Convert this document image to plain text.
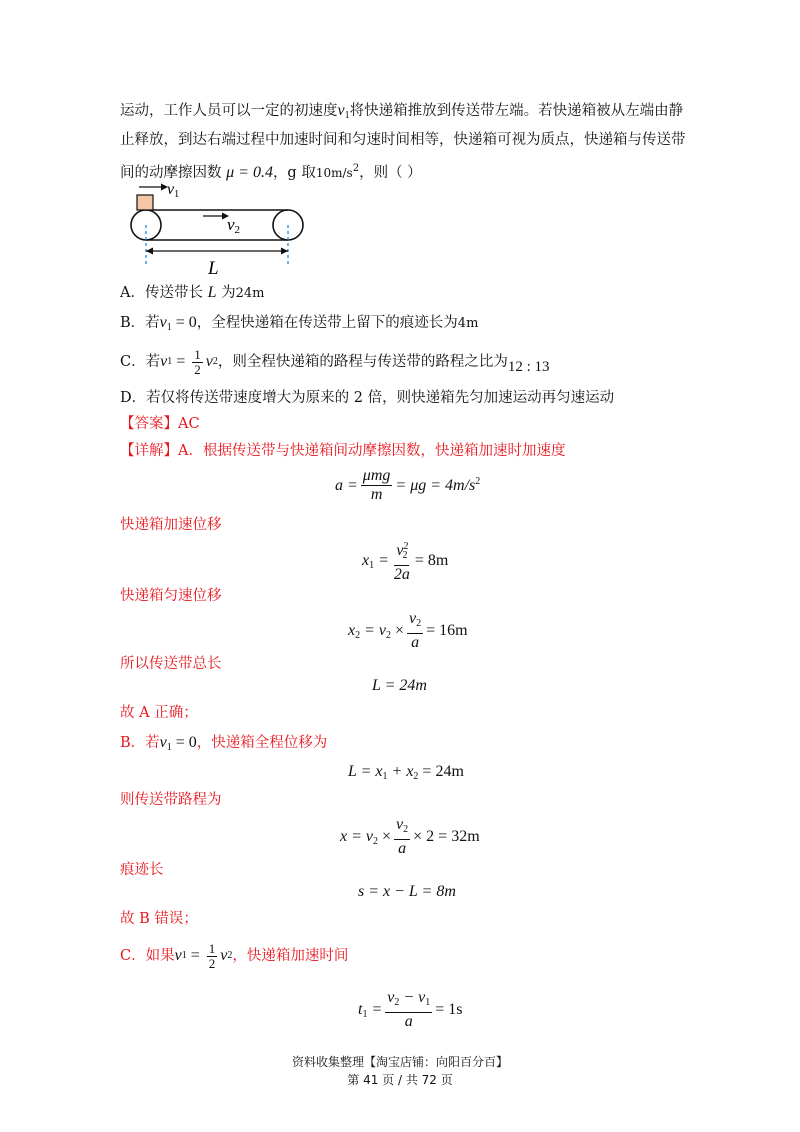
运动，工作人员可以一定的初速度$v_1$将快递箱推放到传送带左端。若快递箱被从左端由静
止释放，到达右端过程中加速时间和匀速时间相等，快递箱可视为质点，快递箱与传送带
间的动摩擦因数 μ = 0.4，g 取$10m/s^2$，则（ ）
v1
v2
L
A．传送带长 L 为24m
B．若$v_1 = 0$，全程快递箱在传送带上留下的痕迹长为4m
C．若 v $1 = \frac{1}{2}$ v 2 ，则全程快递箱的路程与传送带的路程之比为 12 : 13
D．若仅将传送带速度增大为原来的 2 倍，则快递箱先匀加速运动再匀速运动
【答案】AC
【详解】A．根据传送带与快递箱间动摩擦因数，快递箱加速时加速度
$a = \frac{\text{μmg}}{m} = \mu g = 4m/s^2$
快递箱加速位移
$x_1 = \frac{v^2_2}{2a} = 8m$
快递箱匀速位移
$x_2 = v_2 \times \frac{v_2}{a} = 16m$
所以传送带总长
L = 24m
故 A 正确；
B．若$v_1 = 0$，快递箱全程位移为
$L = x_1 + x_2 = 24m$
则传送带路程为
$x = v_2 \times \frac{v_2}{a} \times 2 = 32m$
痕迹长
s = x − L = 8m
故 B 错误；
C．如果 v $1 = \frac{1}{2}$ v 2 ，快递箱加速时间
$t_1 = \frac{v_2 - v_1}{a} = 1s$
资料收集整理【淘宝店铺：向阳百分百】
第 41 页 / 共 72 页
